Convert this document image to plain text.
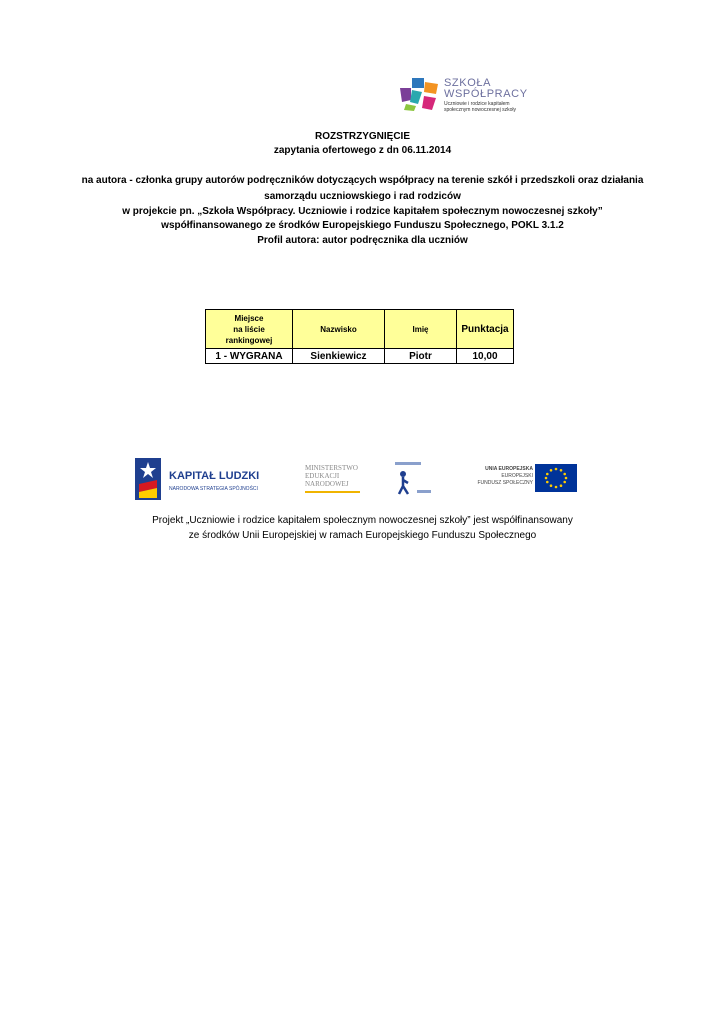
SZKOŁA
WSPÓŁPRACY
Uczniowie i rodzice kapitałem
społecznym nowoczesnej szkoły
ROZSTRZYGNIĘCIE
zapytania ofertowego z dn 06.11.2014
na autora - członka grupy autorów podręczników dotyczących współpracy na terenie szkół i przedszkoli oraz działania
samorządu uczniowskiego i rad rodziców
w projekcie pn. „Szkoła Współpracy. Uczniowie i rodzice kapitałem społecznym nowoczesnej szkoły”
współfinansowanego ze środków Europejskiego Funduszu Społecznego, POKL 3.1.2
Profil autora: autor podręcznika dla uczniów
Miejsce
na liście
rankingowej	Nazwisko	Imię	Punktacja
1 - WYGRANA	Sienkiewicz	Piotr	10,00
KAPITAŁ LUDZKI
NARODOWA STRATEGIA SPÓJNOŚCI
MINISTERSTWO
EDUKACJI
NARODOWEJ
UNIA EUROPEJSKA
EUROPEJSKI
FUNDUSZ SPOŁECZNY
Projekt „Uczniowie i rodzice kapitałem społecznym nowoczesnej szkoły” jest współfinansowany
ze środków Unii Europejskiej w ramach Europejskiego Funduszu Społecznego
